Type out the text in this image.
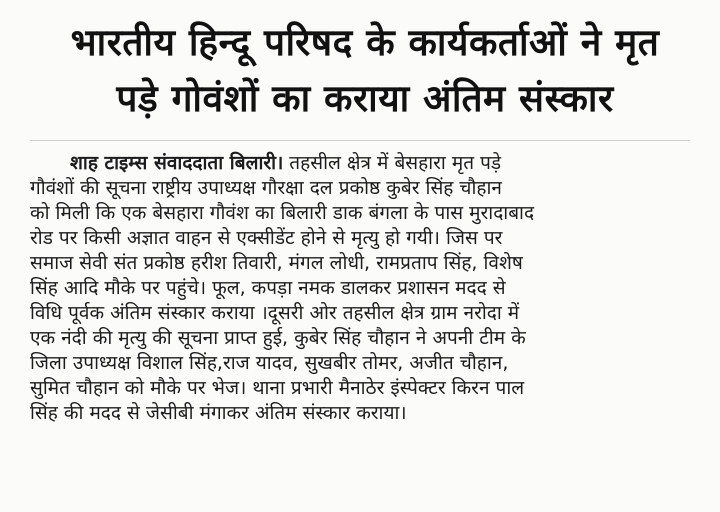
भारतीय हिन्दू परिषद के कार्यकर्ताओं ने मृत
पड़े गोवंशों का कराया अंतिम संस्कार
शाह टाइम्स संवाददाता बिलारी। तहसील क्षेत्र में बेसहारा मृत पड़े
गौवंशों की सूचना राष्ट्रीय उपाध्यक्ष गौरक्षा दल प्रकोष्ठ कुबेर सिंह चौहान
को मिली कि एक बेसहारा गौवंश का बिलारी डाक बंगला के पास मुरादाबाद
रोड पर किसी अज्ञात वाहन से एक्सीडेंट होने से मृत्यु हो गयी। जिस पर
समाज सेवी संत प्रकोष्ठ हरीश तिवारी, मंगल लोधी, रामप्रताप सिंह, विशेष
सिंह आदि मौके पर पहुंचे। फूल, कपड़ा नमक डालकर प्रशासन मदद से
विधि पूर्वक अंतिम संस्कार कराया ।दूसरी ओर तहसील क्षेत्र ग्राम नरोदा में
एक नंदी की मृत्यु की सूचना प्राप्त हुई, कुबेर सिंह चौहान ने अपनी टीम के
जिला उपाध्यक्ष विशाल सिंह,राज यादव, सुखबीर तोमर, अजीत चौहान,
सुमित चौहान को मौके पर भेज। थाना प्रभारी मैनाठेर इंस्पेक्टर किरन पाल
सिंह की मदद से जेसीबी मंगाकर अंतिम संस्कार कराया।
